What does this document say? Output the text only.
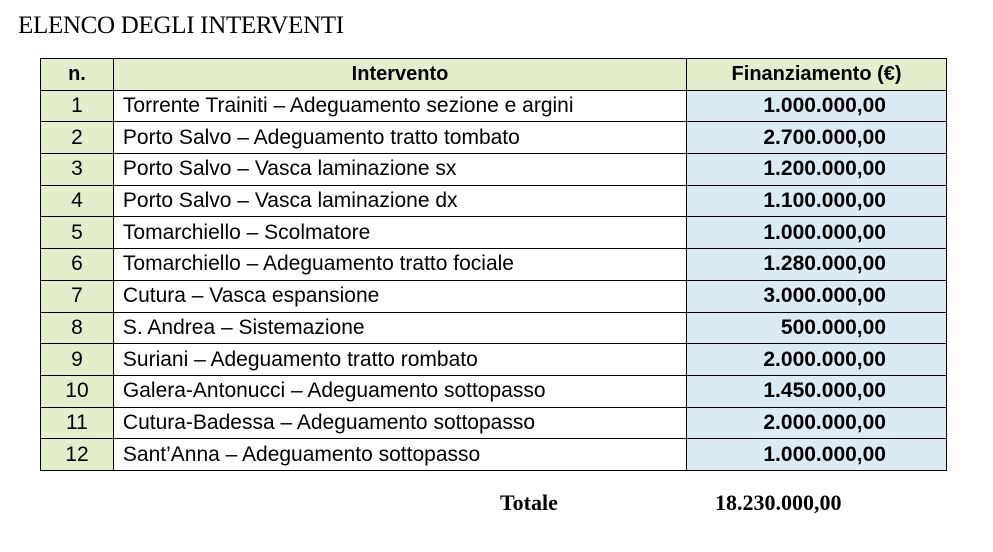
ELENCO DEGLI INTERVENTI
n.	Intervento	Finanziamento (€)
1	Torrente Trainiti – Adeguamento sezione e argini	1.000.000,00
2	Porto Salvo – Adeguamento tratto tombato	2.700.000,00
3	Porto Salvo – Vasca laminazione sx	1.200.000,00
4	Porto Salvo – Vasca laminazione dx	1.100.000,00
5	Tomarchiello – Scolmatore	1.000.000,00
6	Tomarchiello – Adeguamento tratto fociale	1.280.000,00
7	Cutura – Vasca espansione	3.000.000,00
8	S. Andrea – Sistemazione	500.000,00
9	Suriani – Adeguamento tratto rombato	2.000.000,00
10	Galera-Antonucci – Adeguamento sottopasso	1.450.000,00
11	Cutura-Badessa – Adeguamento sottopasso	2.000.000,00
12	Sant’Anna – Adeguamento sottopasso	1.000.000,00
Totale	18.230.000,00
